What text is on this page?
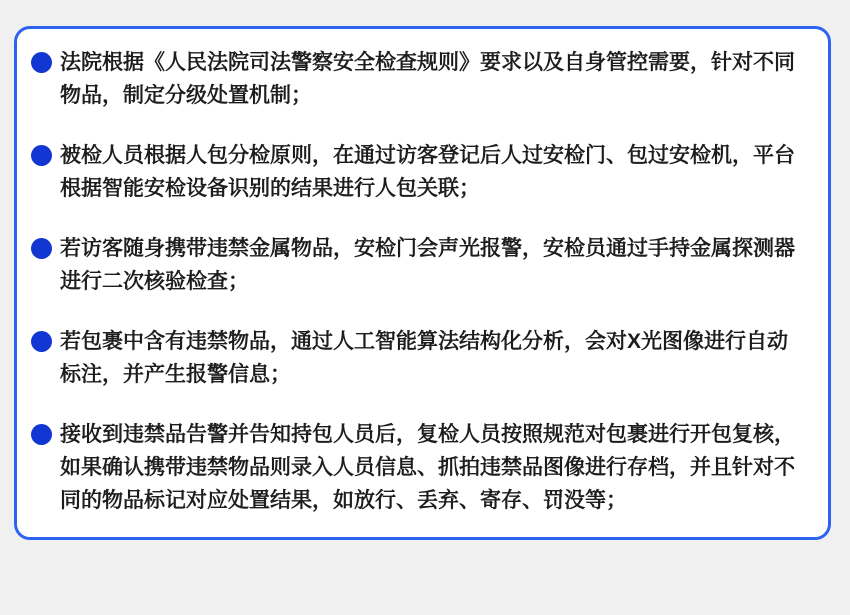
法院根据《人民法院司法警察安全检查规则》要求以及自身管控需要，针对不同物品，制定分级处置机制；
被检人员根据人包分检原则，在通过访客登记后人过安检门、包过安检机，平台根据智能安检设备识别的结果进行人包关联；
若访客随身携带违禁金属物品，安检门会声光报警，安检员通过手持金属探测器进行二次核验检查；
若包裹中含有违禁物品，通过人工智能算法结构化分析，会对X光图像进行自动标注，并产生报警信息；
接收到违禁品告警并告知持包人员后，复检人员按照规范对包裹进行开包复核，如果确认携带违禁物品则录入人员信息、抓拍违禁品图像进行存档，并且针对不同的物品标记对应处置结果，如放行、丢弃、寄存、罚没等；
